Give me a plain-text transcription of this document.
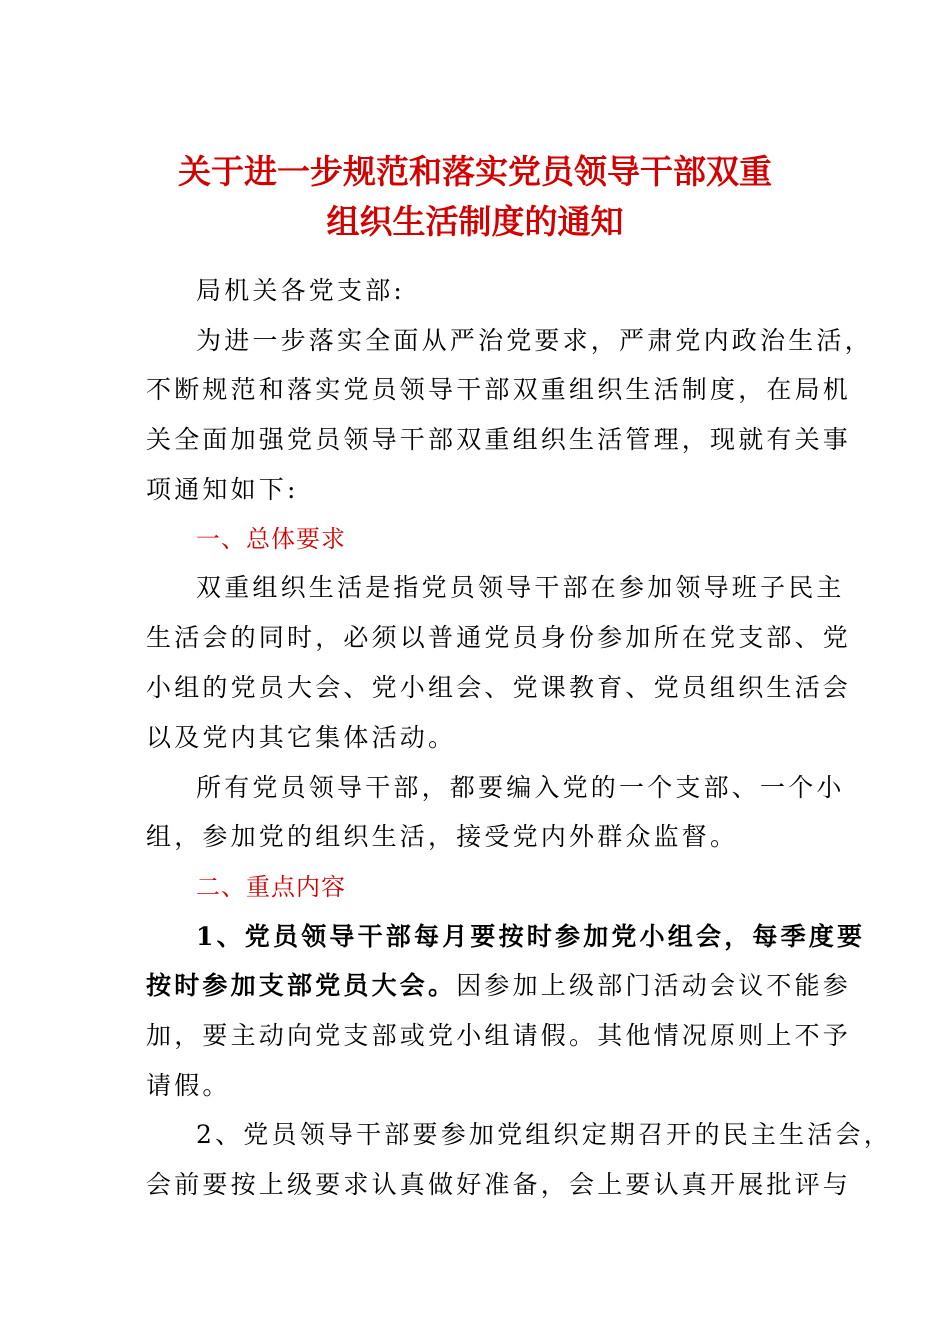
关于进一步规范和落实党员领导干部双重
组织生活制度的通知
局机关各党支部:
为进一步落实全面从严治党要求，严肃党内政治生活，
不断规范和落实党员领导干部双重组织生活制度，在局机
关全面加强党员领导干部双重组织生活管理，现就有关事
项通知如下:
一、总体要求
双重组织生活是指党员领导干部在参加领导班子民主
生活会的同时，必须以普通党员身份参加所在党支部、党
小组的党员大会、党小组会、党课教育、党员组织生活会
以及党内其它集体活动。
所有党员领导干部，都要编入党的一个支部、一个小
组，参加党的组织生活，接受党内外群众监督。
二、重点内容
1、党员领导干部每月要按时参加党小组会，每季度要
按时参加支部党员大会。因参加上级部门活动会议不能参
加，要主动向党支部或党小组请假。其他情况原则上不予
请假。
2、党员领导干部要参加党组织定期召开的民主生活会，
会前要按上级要求认真做好准备，会上要认真开展批评与
